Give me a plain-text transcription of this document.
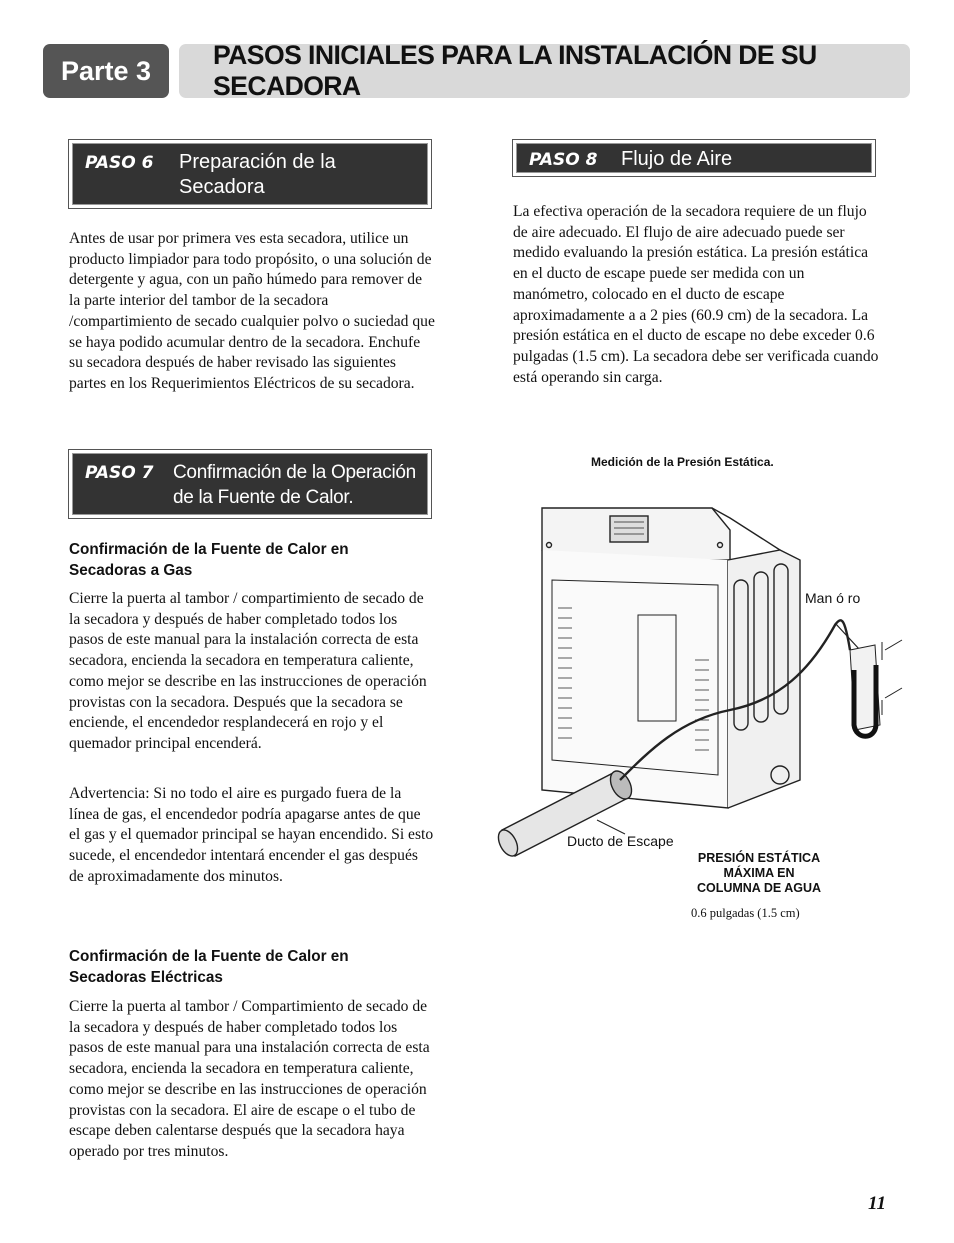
Parte 3
PASOS INICIALES PARA LA INSTALACIÓN DE SU SECADORA
PASO 6	Preparación de la
Secadora
Antes de usar por primera ves esta secadora, utilice un producto limpiador para todo propósito, o una solución de detergente y agua, con un paño húmedo para remover de la parte interior del tambor de la secadora /compartimiento de secado cualquier polvo o suciedad que se haya podido acumular dentro de la secadora. Enchufe su secadora después de haber revisado las siguientes partes en los Requerimientos Eléctricos de su secadora.
PASO 7	Confirmación de la Operación
de la Fuente de Calor.
Confirmación de la Fuente de Calor en
Secadoras a Gas
Cierre la puerta al tambor / compartimiento de secado de la secadora y después de haber completado todos los pasos de este manual para la instalación correcta de esta secadora, encienda la secadora en temperatura caliente, como mejor se describe en las instrucciones de operación provistas con la secadora. Después que la secadora se enciende, el encendedor resplandecerá en rojo y el quemador principal encenderá.
Advertencia: Si no todo el aire es purgado fuera de la línea de gas, el encendedor podría apagarse antes de que el gas y el quemador principal se hayan encendido. Si esto sucede, el encendedor intentará encender el gas después de aproximadamente dos minutos.
Confirmación de la Fuente de Calor en
Secadoras Eléctricas
Cierre la puerta al tambor / Compartimiento de secado de la secadora y después de haber completado todos los pasos de este manual para una instalación correcta de esta secadora, encienda la secadora en temperatura caliente, como mejor se describe en las instrucciones de operación provistas con la secadora. El aire de escape o el tubo de escape deben calentarse después que la secadora haya operado por tres minutos.
PASO 8	Flujo de Aire
La efectiva operación de la secadora requiere de un flujo de aire adecuado. El flujo de aire adecuado puede ser medido evaluando la presión estática. La presión estática en el ducto de escape puede ser medida con un manómetro, colocado en el ducto de escape aproximadamente a a 2 pies (60.9 cm) de la secadora. La presión estática en el ducto de escape no debe exceder 0.6 pulgadas (1.5 cm). La secadora debe ser verificada cuando está operando sin carga.
Medición de la Presión Estática.
Man ó ro
Ducto de Escape
PRESIÓN ESTÁTICA
MÁXIMA EN
COLUMNA DE AGUA
0.6 pulgadas (1.5 cm)
11
